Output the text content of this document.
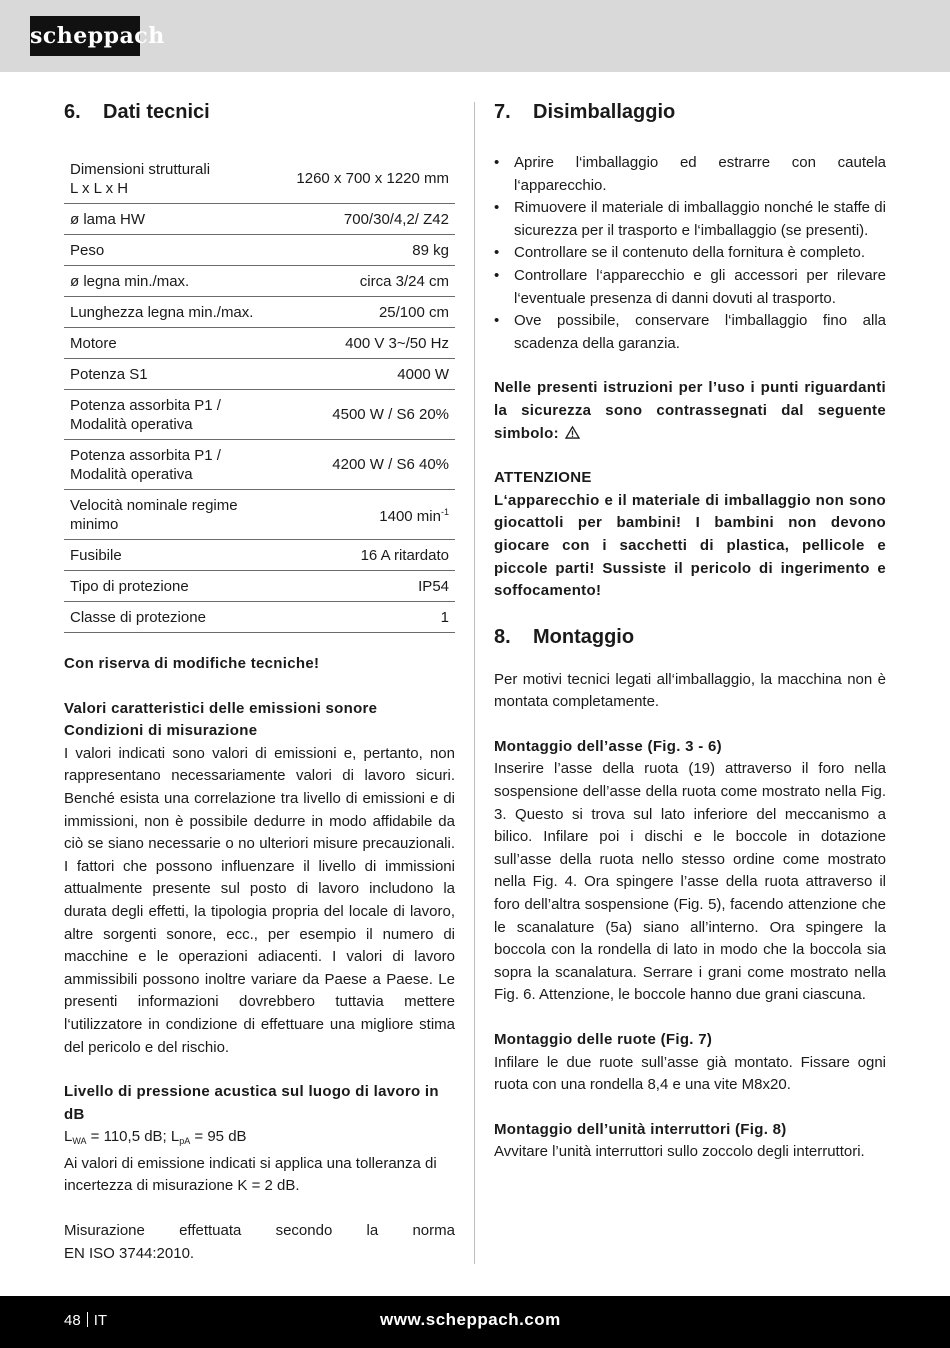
scheppach
6.	Dati tecnici
Dimensioni strutturali
L x L x H	1260 x 700 x 1220 mm
ø lama HW	700/30/4,2/ Z42
Peso	89 kg
ø legna min./max.	circa 3/24 cm
Lunghezza legna min./max.	25/100 cm
Motore	400 V 3~/50 Hz
Potenza S1	4000 W
Potenza assorbita P1 /
Modalità operativa	4500 W / S6 20%
Potenza assorbita P1 /
Modalità operativa	4200 W / S6 40%
Velocità nominale regime
minimo	1400 $\min^{-1}$
Fusibile	16 A ritardato
Tipo di protezione	IP54
Classe di protezione	1

Con riserva di modifiche tecniche!

Valori caratteristici delle emissioni sonore

Condizioni di misurazione

I valori indicati sono valori di emissioni e, pertanto, non rappresentano necessariamente valori di lavoro sicuri. Benché esista una correlazione tra livello di emissioni e di immissioni, non è possibile dedurre in modo affidabile da ciò se siano necessarie o no ulteriori misure precauzionali. I fattori che possono influenzare il livello di immissioni attualmente presente sul posto di lavoro includono la durata degli effetti, la tipologia propria del locale di lavoro, altre sorgenti sonore, ecc., per esempio il numero di macchine e le operazioni adiacenti. I valori di lavoro ammissibili possono inoltre variare da Paese a Paese. Le presenti informazioni dovrebbero tuttavia mettere l‘utilizzatore in condizione di effettuare una migliore stima del pericolo e del rischio.

Livello di pressione acustica sul luogo di lavoro in dB

$L_{WA} = 110,5$ dB; $L_{pA} = 95$ dB

Ai valori di emissione indicati si applica una tolleranza di incertezza di misurazione K = 2 dB.

Misurazione effettuata secondo la norma
EN ISO 3744:2010.

7.	Disimballaggio
• Aprire l‘imballaggio ed estrarre con cautela l‘apparecchio.
• Rimuovere il materiale di imballaggio nonché le staffe di sicurezza per il trasporto e l‘imballaggio (se presenti).
• Controllare se il contenuto della fornitura è completo.
• Controllare l‘apparecchio e gli accessori per rilevare l‘eventuale presenza di danni dovuti al trasporto.
• Ove possibile, conservare l‘imballaggio fino alla scadenza della garanzia.

Nelle presenti istruzioni per l’uso i punti riguardanti la sicurezza sono contrassegnati dal seguente simbolo:

ATTENZIONE

L‘apparecchio e il materiale di imballaggio non sono giocattoli per bambini! I bambini non devono giocare con i sacchetti di plastica, pellicole e piccole parti! Sussiste il pericolo di ingerimento e soffocamento!

8.	Montaggio

Per motivi tecnici legati all‘imballaggio, la macchina non è montata completamente.

Montaggio dell’asse (Fig. 3 - 6)

Inserire l’asse della ruota (19) attraverso il foro nella sospensione dell’asse della ruota come mostrato nella Fig. 3. Questo si trova sul lato inferiore del meccanismo a bilico. Infilare poi i dischi e le boccole in dotazione sull’asse della ruota nello stesso ordine come mostrato nella Fig. 4. Ora spingere l’asse della ruota attraverso il foro dell’altra sospensione (Fig. 5), facendo attenzione che le scanalature (5a) siano all’interno. Ora spingere la boccola con la rondella di lato in modo che la boccola sia sopra la scanalatura. Serrare i grani come mostrato nella Fig. 6. Attenzione, le boccole hanno due grani ciascuna.

Montaggio delle ruote (Fig. 7)

Infilare le due ruote sull’asse già montato. Fissare ogni ruota con una rondella 8,4 e una vite M8x20.

Montaggio dell’unità interruttori (Fig. 8)

Avvitare l’unità interruttori sullo zoccolo degli interruttori.

48 IT	www.scheppach.com
